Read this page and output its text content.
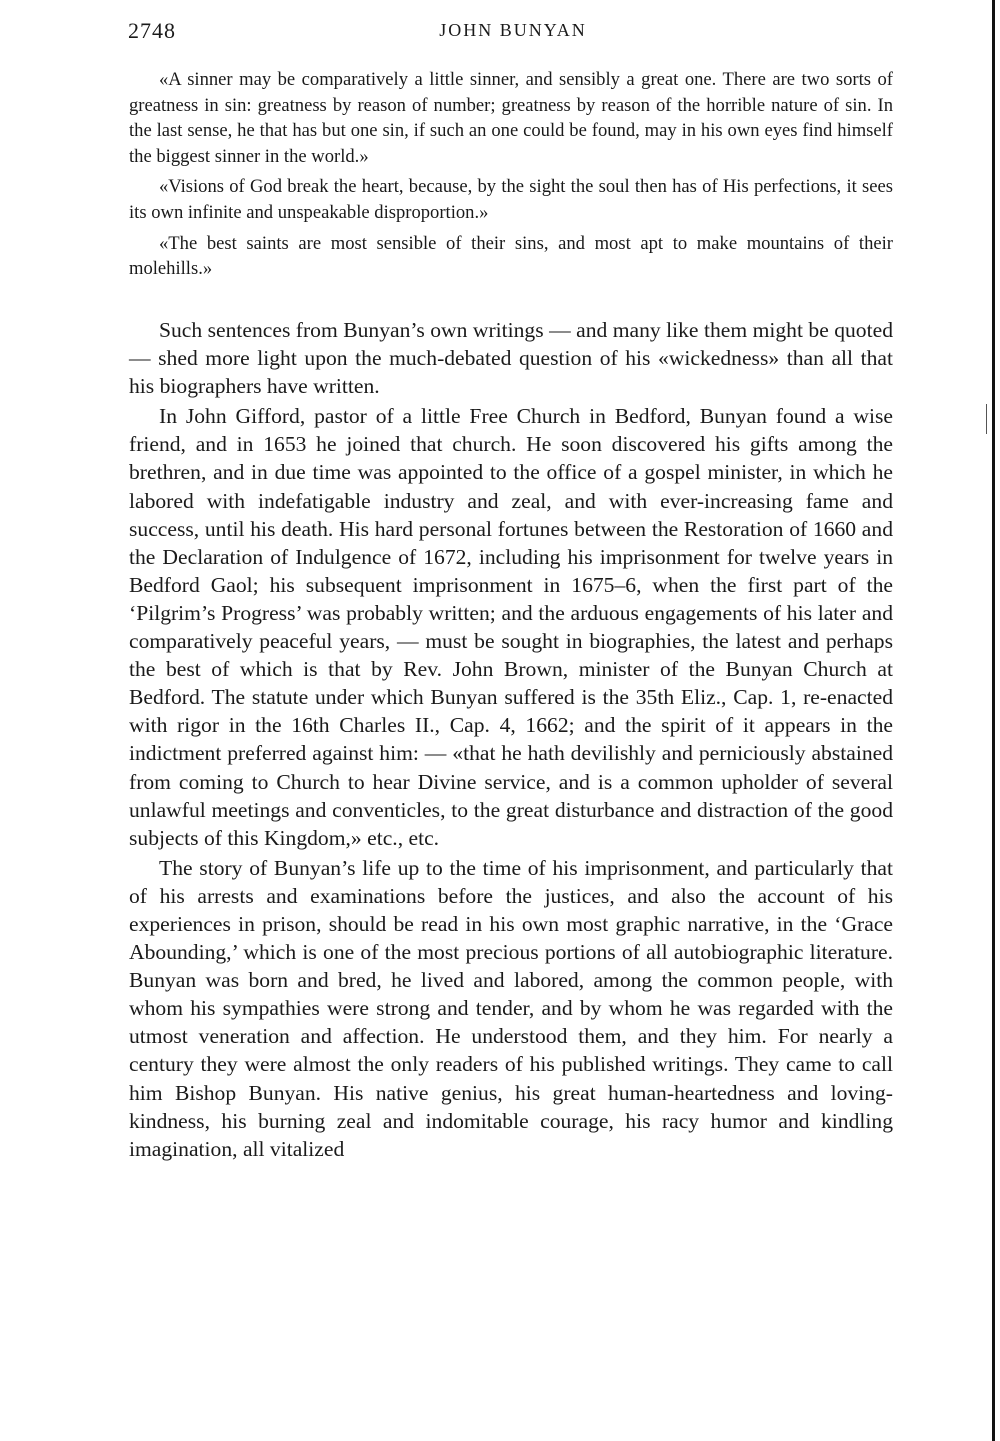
2748	JOHN BUNYAN

«A sinner may be comparatively a little sinner, and sensibly a great one. There are two sorts of greatness in sin: greatness by reason of number; greatness by reason of the horrible nature of sin. In the last sense, he that has but one sin, if such an one could be found, may in his own eyes find himself the biggest sinner in the world.»

«Visions of God break the heart, because, by the sight the soul then has of His perfections, it sees its own infinite and unspeakable disproportion.»

«The best saints are most sensible of their sins, and most apt to make mountains of their molehills.»

Such sentences from Bunyan’s own writings — and many like them might be quoted — shed more light upon the much-debated question of his «wickedness» than all that his biographers have written.

In John Gifford, pastor of a little Free Church in Bedford, Bunyan found a wise friend, and in 1653 he joined that church. He soon discovered his gifts among the brethren, and in due time was appointed to the office of a gospel minister, in which he labored with indefatigable industry and zeal, and with ever-increasing fame and success, until his death. His hard personal fortunes between the Restoration of 1660 and the Declaration of Indulgence of 1672, including his imprisonment for twelve years in Bedford Gaol; his subsequent imprisonment in 1675–6, when the first part of the ‘Pilgrim’s Progress’ was probably written; and the arduous engagements of his later and comparatively peaceful years, — must be sought in biographies, the latest and perhaps the best of which is that by Rev. John Brown, minister of the Bunyan Church at Bedford. The statute under which Bunyan suffered is the 35th Eliz., Cap. 1, re-enacted with rigor in the 16th Charles II., Cap. 4, 1662; and the spirit of it appears in the indictment preferred against him: — «that he hath devilishly and perniciously abstained from coming to Church to hear Divine service, and is a common upholder of several unlawful meetings and conventicles, to the great disturbance and distraction of the good subjects of this Kingdom,» etc., etc.

The story of Bunyan’s life up to the time of his imprisonment, and particularly that of his arrests and examinations before the justices, and also the account of his experiences in prison, should be read in his own most graphic narrative, in the ‘Grace Abounding,’ which is one of the most precious portions of all autobiographic literature. Bunyan was born and bred, he lived and labored, among the common people, with whom his sympathies were strong and tender, and by whom he was regarded with the utmost veneration and affection. He understood them, and they him. For nearly a century they were almost the only readers of his published writings. They came to call him Bishop Bunyan. His native genius, his great human-heartedness and loving-kindness, his burning zeal and indomitable courage, his racy humor and kindling imagination, all vitalized
